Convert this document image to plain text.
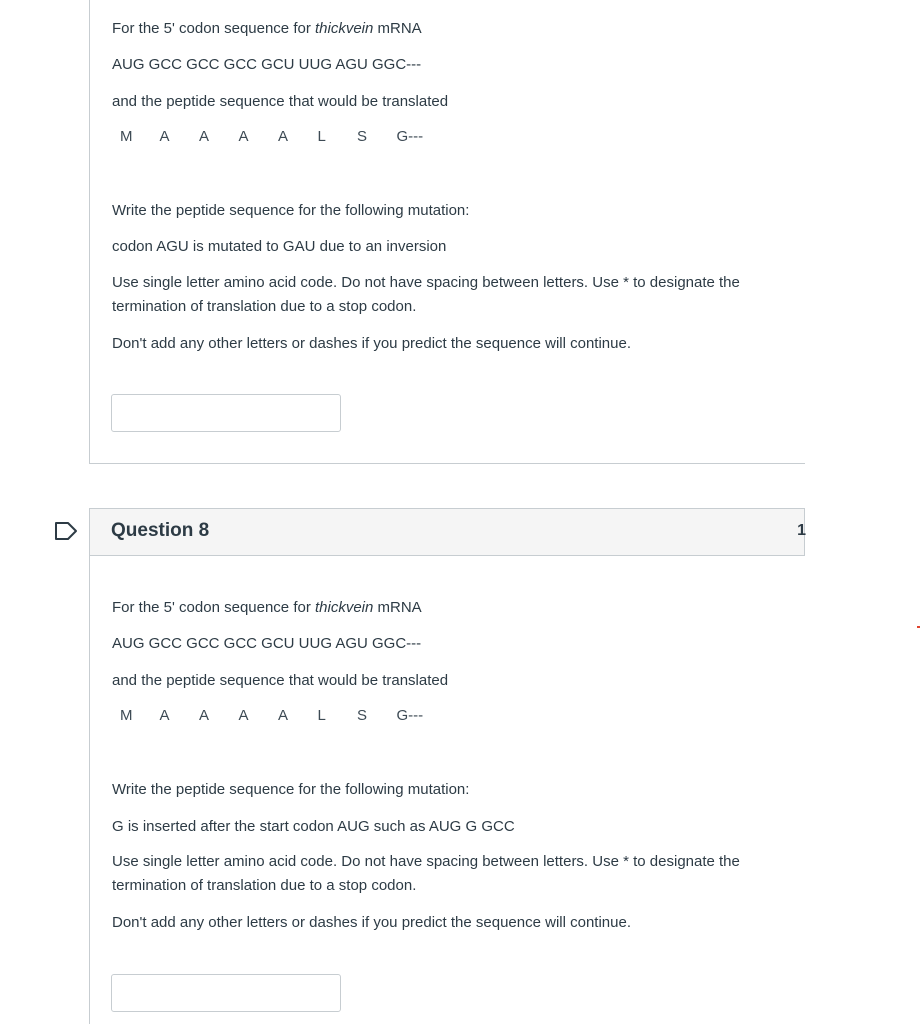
For the 5' codon sequence for thickvein mRNA
AUG GCC GCC GCC GCU UUG AGU GGC---
and the peptide sequence that would be translated
M	A	A	A	A	L	S	G---
Write the peptide sequence for the following mutation:
codon AGU is mutated to GAU due to an inversion
Use single letter amino acid code. Do not have spacing between letters. Use * to designate the termination of translation due to a stop codon.
Don't add any other letters or dashes if you predict the sequence will continue.
Question 8	1
For the 5' codon sequence for thickvein mRNA
AUG GCC GCC GCC GCU UUG AGU GGC---
and the peptide sequence that would be translated
M	A	A	A	A	L	S	G---
Write the peptide sequence for the following mutation:
G is inserted after the start codon AUG such as AUG G GCC
Use single letter amino acid code. Do not have spacing between letters. Use * to designate the termination of translation due to a stop codon.
Don't add any other letters or dashes if you predict the sequence will continue.
